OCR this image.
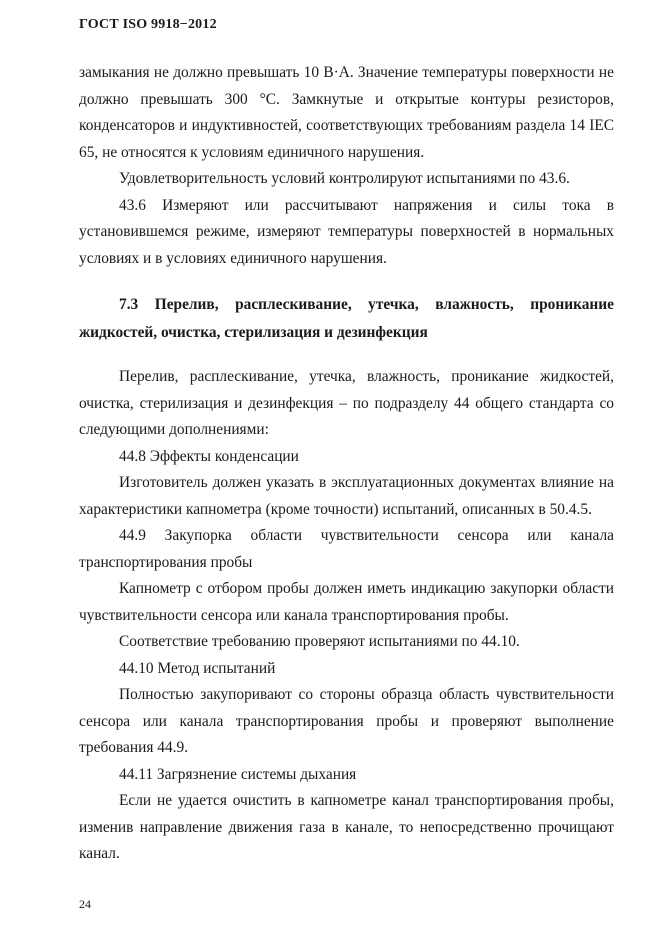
ГОСТ ISO 9918−2012

замыкания не должно превышать 10 В·А. Значение температуры поверхности не должно превышать 300 °С. Замкнутые и открытые контуры резисторов, конденсаторов и индуктивностей, соответствующих требованиям раздела 14 IEC 65, не относятся к условиям единичного нарушения.

Удовлетворительность условий контролируют испытаниями по 43.6.

43.6 Измеряют или рассчитывают напряжения и силы тока в установившемся режиме, измеряют температуры поверхностей в нормальных условиях и в условиях единичного нарушения.

7.3 Перелив, расплескивание, утечка, влажность, проникание жидкостей, очистка, стерилизация и дезинфекция

Перелив, расплескивание, утечка, влажность, проникание жидкостей, очистка, стерилизация и дезинфекция – по подразделу 44 общего стандарта со следующими дополнениями:

44.8 Эффекты конденсации

Изготовитель должен указать в эксплуатационных документах влияние на характеристики капнометра (кроме точности) испытаний, описанных в 50.4.5.

44.9 Закупорка области чувствительности сенсора или канала транспортирования пробы

Капнометр с отбором пробы должен иметь индикацию закупорки области чувствительности сенсора или канала транспортирования пробы.

Соответствие требованию проверяют испытаниями по 44.10.

44.10 Метод испытаний

Полностью закупоривают со стороны образца область чувствительности сенсора или канала транспортирования пробы и проверяют выполнение требования 44.9.

44.11 Загрязнение системы дыхания

Если не удается очистить в капнометре канал транспортирования пробы, изменив направление движения газа в канале, то непосредственно прочищают канал.

24
